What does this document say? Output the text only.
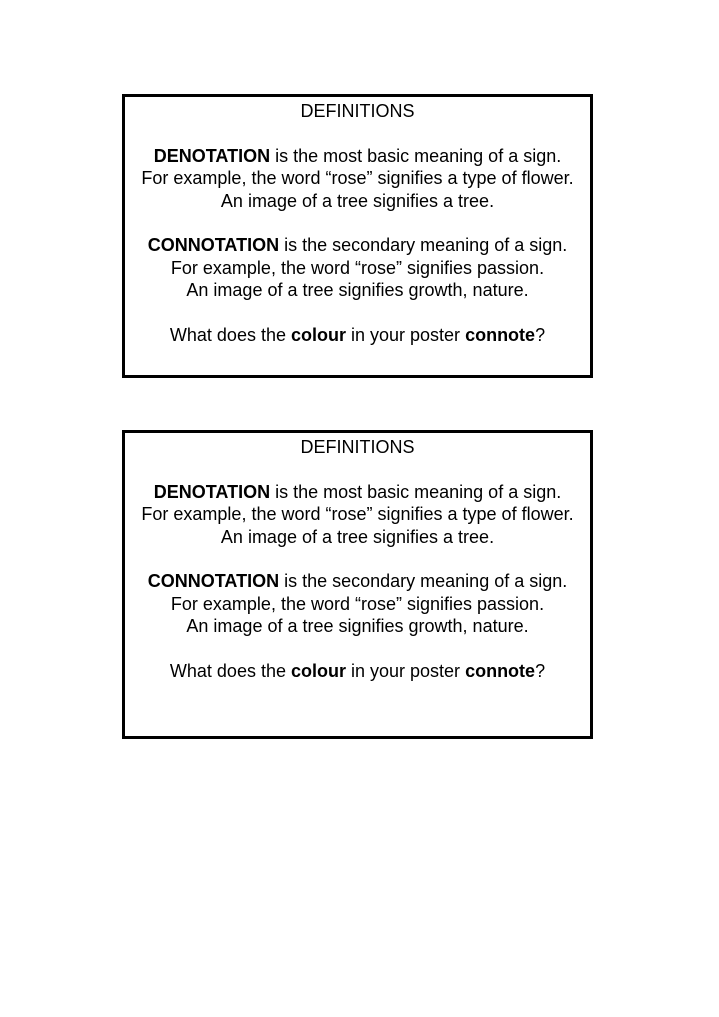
DEFINITIONS
DENOTATION is the most basic meaning of a sign.
For example, the word “rose” signifies a type of flower.
An image of a tree signifies a tree.
CONNOTATION is the secondary meaning of a sign.
For example, the word “rose” signifies passion.
An image of a tree signifies growth, nature.
What does the colour in your poster connote?
DEFINITIONS
DENOTATION is the most basic meaning of a sign.
For example, the word “rose” signifies a type of flower.
An image of a tree signifies a tree.
CONNOTATION is the secondary meaning of a sign.
For example, the word “rose” signifies passion.
An image of a tree signifies growth, nature.
What does the colour in your poster connote?
